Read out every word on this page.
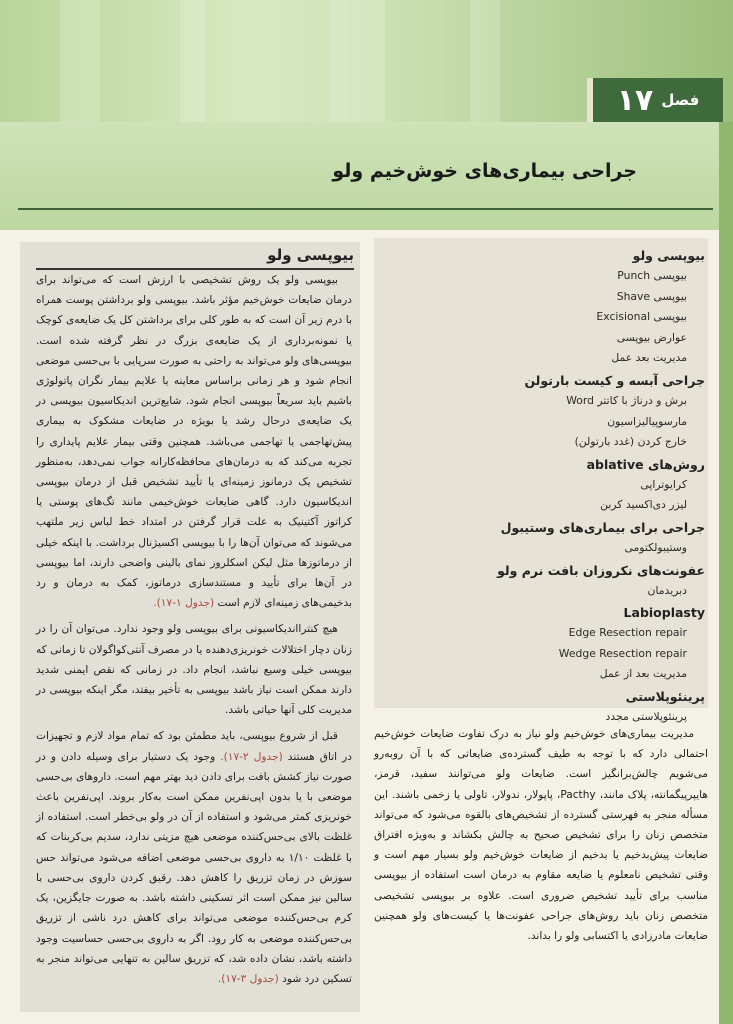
فصل
۱۷
جراحی بیماری‌های خوش‌خیم ولو
بیوپسی ولو

بیوپسی ولو یک روش تشخیصی با ارزش است که می‌تواند برای درمان ضایعات خوش‌خیم مؤثر باشد. بیوپسی ولو برداشتن پوست همراه با درم زیر آن است که به طور کلی برای برداشتن کل یک ضایعه‌ی کوچک یا نمونه‌برداری از یک ضایعه‌ی بزرگ در نظر گرفته شده است. بیوپسی‌های ولو می‌تواند به راحتی به صورت سرپایی با بی‌حسی موضعی انجام شود و هر زمانی براساس معاینه یا علایم بیمار نگران پاتولوژی باشیم باید سریعاً بیوپسی انجام شود. شایع‌ترین اندیکاسیون بیوپسی در یک ضایعه‌ی درحال رشد یا بویژه در ضایعات مشکوک به بیماری پیش‌تهاجمی یا تهاجمی می‌باشد. همچنین وقتی بیمار علایم پایداری را تجربه می‌کند که به درمان‌های محافظه‌کارانه جواب نمی‌دهد، به‌منظور تشخیص یک درمانوز زمینه‌ای یا تأیید تشخیص قبل از درمان بیوپسی اندیکاسیون دارد. گاهی ضایعات خوش‌خیمی مانند تگ‌های پوستی یا کراتوز آکتینیک به علت قرار گرفتن در امتداد خط لباس زیر ملتهب می‌شوند که می‌توان آن‌ها را با بیوپسی اکسیژنال برداشت. با اینکه خیلی از درماتوزها مثل لیکن اسکلروز نمای بالینی واضحی دارند، اما بیوپسی در آن‌ها برای تأیید و مستندسازی درماتوز، کمک به درمان و رد بدخیمی‌های زمینه‌ای لازم است (جدول ۱-۱۷).

هیچ کنترااندیکاسیونی برای بیوپسی ولو وجود ندارد. می‌توان آن را در زنان دچار اختلالات خونریزی‌دهنده یا در مصرف آنتی‌کواگولان تا زمانی که بیوپسی خیلی وسیع نباشد، انجام داد. در زمانی که نقص ایمنی شدید دارند ممکن است نیاز باشد بیوپسی به تأخیر بیفتد، مگر اینکه بیوپسی در مدیریت کلی آنها حیاتی باشد.

قبل از شروع بیوپسی، باید مطمئن بود که تمام مواد لازم و تجهیزات در اتاق هستند (جدول ۲-۱۷). وجود یک دستیار برای وسیله دادن و در صورت نیاز کشش بافت برای دادن دید بهتر مهم است. داروهای بی‌حسی موضعی با یا بدون اپی‌نفرین ممکن است به‌کار بروند. اپی‌نفرین باعث خونریزی کمتر می‌شود و استفاده از آن در ولو بی‌خطر است. استفاده از غلظت بالای بی‌حس‌کننده موضعی هیچ مزیتی ندارد، سدیم بی‌کربنات که با غلظت ۱/۱۰ به داروی بی‌حسی موضعی اضافه می‌شود می‌تواند حس سوزش در زمان تزریق را کاهش دهد. رقیق کردن داروی بی‌حسی با سالین نیز ممکن است اثر تسکینی داشته باشد. به صورت جایگزین، یک کرم بی‌حس‌کننده موضعی می‌تواند برای کاهش درد ناشی از تزریق بی‌حس‌کننده موضعی به کار رود. اگر به داروی بی‌حسی حساسیت وجود داشته باشد، نشان داده شد، که تزریق سالین به تنهایی می‌تواند منجر به تسکین درد شود (جدول ۳-۱۷).

بیوپسی ولو
بیوپسی Punch
بیوپسی Shave
بیوپسی Excisional
عوارض بیوپسی
مدیریت بعد عمل
جراحی آبسه و کیست بارتولن
برش و درناژ با کاتتر Word
مارسوپیالیزاسیون
خارج کردن (غدد بارتولن)
روش‌های ablative
کرایوتراپی
لیزر دی‌اکسید کربن
جراحی برای بیماری‌های وستیبول
وستیبولکتومی
عفونت‌های نکروزان بافت نرم ولو
دبریدمان
Labioplasty
Edge Resection repair
Wedge Resection repair
مدیریت بعد از عمل
پرینئوپلاستی
پرینئوپلاستی مجدد

مدیریت بیماری‌های خوش‌خیم ولو نیاز به درک تفاوت ضایعات خوش‌خیم احتمالی دارد که با توجه به طیف گسترده‌ی ضایعاتی که با آن روبه‌رو می‌شویم چالش‌برانگیز است. ضایعات ولو می‌توانند سفید، قرمز، هایپرپیگمانته، پلاک مانند، Pacthy، پاپولار، ندولار، تاولی یا زخمی باشند. این مسأله منجر به فهرستی گسترده از تشخیص‌های بالقوه می‌شود که می‌تواند متخصص زنان را برای تشخیص صحیح به چالش بکشاند و به‌ویژه افتراق ضایعات پیش‌بدخیم یا بدخیم از ضایعات خوش‌خیم ولو بسیار مهم است و وقتی تشخیص نامعلوم یا ضایعه مقاوم به درمان است استفاده از بیوپسی مناسب برای تأیید تشخیص ضروری است. علاوه بر بیوپسی تشخیصی متخصص زنان باید روش‌های جراحی عفونت‌ها یا کیست‌های ولو همچنین ضایعات مادرزادی یا اکتسابی ولو را بداند.
